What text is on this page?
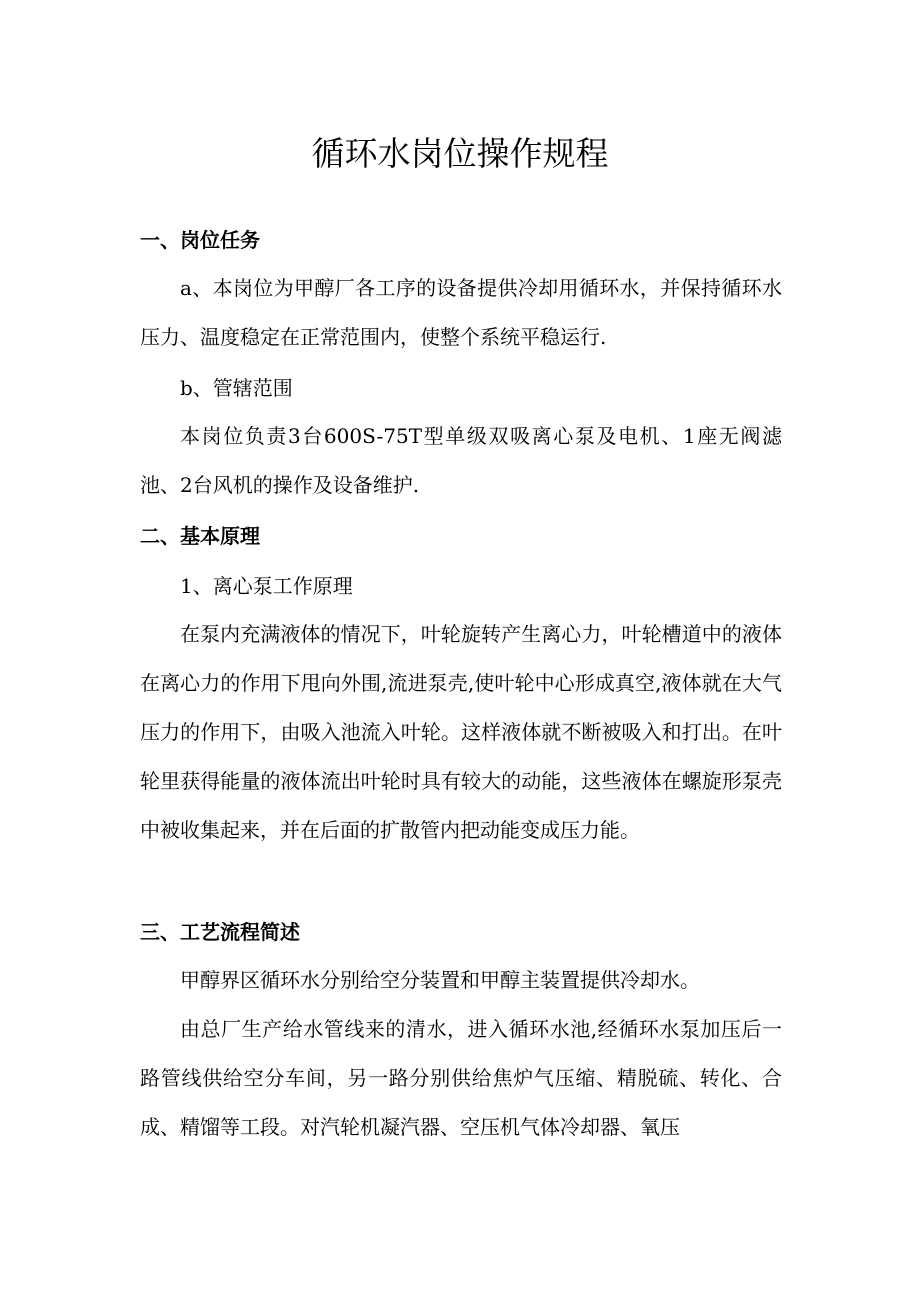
循环水岗位操作规程
一、岗位任务
a、本岗位为甲醇厂各工序的设备提供冷却用循环水，并保持循环水压力、温度稳定在正常范围内，使整个系统平稳运行.
b、管辖范围
本岗位负责3台600S-75T型单级双吸离心泵及电机、1座无阀滤池、2台风机的操作及设备维护.
二、基本原理
1、离心泵工作原理
在泵内充满液体的情况下，叶轮旋转产生离心力，叶轮槽道中的液体在离心力的作用下甩向外围,流进泵壳,使叶轮中心形成真空,液体就在大气压力的作用下，由吸入池流入叶轮。这样液体就不断被吸入和打出。在叶轮里获得能量的液体流出叶轮时具有较大的动能，这些液体在螺旋形泵壳中被收集起来，并在后面的扩散管内把动能变成压力能。
三、工艺流程简述
甲醇界区循环水分别给空分装置和甲醇主装置提供冷却水。
由总厂生产给水管线来的清水，进入循环水池,经循环水泵加压后一路管线供给空分车间，另一路分别供给焦炉气压缩、精脱硫、转化、合成、精馏等工段。对汽轮机凝汽器、空压机气体冷却器、氧压
